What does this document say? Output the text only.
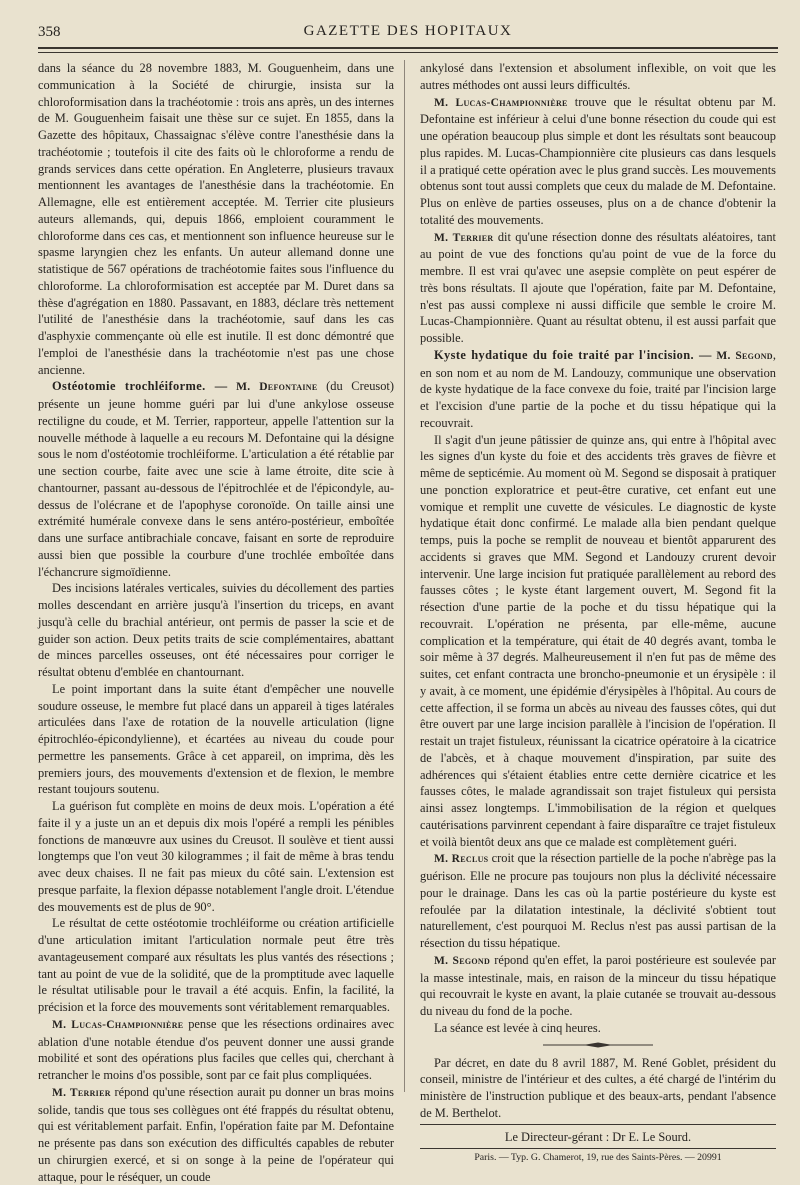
358	GAZETTE DES HOPITAUX

dans la séance du 28 novembre 1883, M. Gouguenheim, dans une communication à la Société de chirurgie, insista sur la chloroformisation dans la trachéotomie : trois ans après, un des internes de M. Gouguenheim faisait une thèse sur ce sujet. En 1855, dans la Gazette des hôpitaux, Chassaignac s'élève contre l'anesthésie dans la trachéotomie ; toutefois il cite des faits où le chloroforme a rendu de grands services dans cette opération. En Angleterre, plusieurs travaux mentionnent les avantages de l'anesthésie dans la trachéotomie. En Allemagne, elle est entièrement acceptée. M. Terrier cite plusieurs auteurs allemands, qui, depuis 1866, emploient couramment le chloroforme dans ces cas, et mentionnent son influence heureuse sur le spasme laryngien chez les enfants. Un auteur allemand donne une statistique de 567 opérations de trachéotomie faites sous l'influence du chloroforme. La chloroformisation est acceptée par M. Duret dans sa thèse d'agrégation en 1880. Passavant, en 1883, déclare très nettement l'utilité de l'anesthésie dans la trachéotomie, sauf dans les cas d'asphyxie commençante où elle est inutile. Il est donc démontré que l'emploi de l'anesthésie dans la trachéotomie n'est pas une chose ancienne.

Ostéotomie trochléiforme. — M. Defontaine (du Creusot) présente un jeune homme guéri par lui d'une ankylose osseuse rectiligne du coude, et M. Terrier, rapporteur, appelle l'attention sur la nouvelle méthode à laquelle a eu recours M. Defontaine qui la désigne sous le nom d'ostéotomie trochléiforme. L'articulation a été rétablie par une section courbe, faite avec une scie à lame étroite, dite scie à chantourner, passant au-dessous de l'épitrochlée et de l'épicondyle, au-dessus de l'olécrane et de l'apophyse coronoïde. On taille ainsi une extrémité humérale convexe dans le sens antéro-postérieur, emboîtée dans une surface antibrachiale concave, faisant en sorte de reproduire aussi bien que possible la courbure d'une trochlée emboîtée dans l'échancrure sigmoïdienne.

Des incisions latérales verticales, suivies du décollement des parties molles descendant en arrière jusqu'à l'insertion du triceps, en avant jusqu'à celle du brachial antérieur, ont permis de passer la scie et de guider son action. Deux petits traits de scie complémentaires, abattant de minces parcelles osseuses, ont été nécessaires pour corriger le résultat obtenu d'emblée en chantournant.

Le point important dans la suite étant d'empêcher une nouvelle soudure osseuse, le membre fut placé dans un appareil à tiges latérales articulées dans l'axe de rotation de la nouvelle articulation (ligne épitrochléo-épicondylienne), et écartées au niveau du coude pour permettre les pansements. Grâce à cet appareil, on imprima, dès les premiers jours, des mouvements d'extension et de flexion, le membre restant toujours soutenu.

La guérison fut complète en moins de deux mois. L'opération a été faite il y a juste un an et depuis dix mois l'opéré a rempli les pénibles fonctions de manœuvre aux usines du Creusot. Il soulève et tient aussi longtemps que l'on veut 30 kilogrammes ; il fait de même à bras tendu avec deux chaises. Il ne fait pas mieux du côté sain. L'extension est presque parfaite, la flexion dépasse notablement l'angle droit. L'étendue des mouvements est de plus de 90°.

Le résultat de cette ostéotomie trochléiforme ou création artificielle d'une articulation imitant l'articulation normale peut être très avantageusement comparé aux résultats les plus vantés des résections ; tant au point de vue de la solidité, que de la promptitude avec laquelle le résultat utilisable pour le travail a été acquis. Enfin, la facilité, la précision et la force des mouvements sont véritablement remarquables.

M. Lucas-Championnière pense que les résections ordinaires avec ablation d'une notable étendue d'os peuvent donner une aussi grande mobilité et sont des opérations plus faciles que celles qui, cherchant à retrancher le moins d'os possible, sont par ce fait plus compliquées.

M. Terrier répond qu'une résection aurait pu donner un bras moins solide, tandis que tous ses collègues ont été frappés du résultat obtenu, qui est véritablement parfait. Enfin, l'opération faite par M. Defontaine ne présente pas dans son exécution des difficultés capables de rebuter un chirurgien exercé, et si on songe à la peine de l'opérateur qui attaque, pour le réséquer, un coude

ankylosé dans l'extension et absolument inflexible, on voit que les autres méthodes ont aussi leurs difficultés.

M. Lucas-Championnière trouve que le résultat obtenu par M. Defontaine est inférieur à celui d'une bonne résection du coude qui est une opération beaucoup plus simple et dont les résultats sont beaucoup plus rapides. M. Lucas-Championnière cite plusieurs cas dans lesquels il a pratiqué cette opération avec le plus grand succès. Les mouvements obtenus sont tout aussi complets que ceux du malade de M. Defontaine. Plus on enlève de parties osseuses, plus on a de chance d'obtenir la totalité des mouvements.

M. Terrier dit qu'une résection donne des résultats aléatoires, tant au point de vue des fonctions qu'au point de vue de la force du membre. Il est vrai qu'avec une asepsie complète on peut espérer de très bons résultats. Il ajoute que l'opération, faite par M. Defontaine, n'est pas aussi complexe ni aussi difficile que semble le croire M. Lucas-Championnière. Quant au résultat obtenu, il est aussi parfait que possible.

Kyste hydatique du foie traité par l'incision. — M. Segond, en son nom et au nom de M. Landouzy, communique une observation de kyste hydatique de la face convexe du foie, traité par l'incision large et l'excision d'une partie de la poche et du tissu hépatique qui la recouvrait.

Il s'agit d'un jeune pâtissier de quinze ans, qui entre à l'hôpital avec les signes d'un kyste du foie et des accidents très graves de fièvre et même de septicémie. Au moment où M. Segond se disposait à pratiquer une ponction exploratrice et peut-être curative, cet enfant eut une vomique et remplit une cuvette de vésicules. Le diagnostic de kyste hydatique était donc confirmé. Le malade alla bien pendant quelque temps, puis la poche se remplit de nouveau et bientôt apparurent des accidents si graves que MM. Segond et Landouzy crurent devoir intervenir. Une large incision fut pratiquée parallèlement au rebord des fausses côtes ; le kyste étant largement ouvert, M. Segond fit la résection d'une partie de la poche et du tissu hépatique qui la recouvrait. L'opération ne présenta, par elle-même, aucune complication et la température, qui était de 40 degrés avant, tomba le soir même à 37 degrés. Malheureusement il n'en fut pas de même des suites, cet enfant contracta une broncho-pneumonie et un érysipèle : il y avait, à ce moment, une épidémie d'érysipèles à l'hôpital. Au cours de cette affection, il se forma un abcès au niveau des fausses côtes, qui dut être ouvert par une large incision parallèle à l'incision de l'opération. Il restait un trajet fistuleux, réunissant la cicatrice opératoire à la cicatrice de l'abcès, et à chaque mouvement d'inspiration, par suite des adhérences qui s'étaient établies entre cette dernière cicatrice et les fausses côtes, le malade agrandissait son trajet fistuleux qui persista ainsi assez longtemps. L'immobilisation de la région et quelques cautérisations parvinrent cependant à faire disparaître ce trajet fistuleux et voilà bientôt deux ans que ce malade est complètement guéri.

M. Reclus croit que la résection partielle de la poche n'abrège pas la guérison. Elle ne procure pas toujours non plus la déclivité nécessaire pour le drainage. Dans les cas où la partie postérieure du kyste est refoulée par la dilatation intestinale, la déclivité s'obtient tout naturellement, c'est pourquoi M. Reclus n'est pas aussi partisan de la résection du tissu hépatique.

M. Segond répond qu'en effet, la paroi postérieure est soulevée par la masse intestinale, mais, en raison de la minceur du tissu hépatique qui recouvrait le kyste en avant, la plaie cutanée se trouvait au-dessous du niveau du fond de la poche.

La séance est levée à cinq heures.

Par décret, en date du 8 avril 1887, M. René Goblet, président du conseil, ministre de l'intérieur et des cultes, a été chargé de l'intérim du ministère de l'instruction publique et des beaux-arts, pendant l'absence de M. Berthelot.

Le Directeur-gérant : Dr E. Le Sourd.
Paris. — Typ. G. Chamerot, 19, rue des Saints-Pères. — 20991
